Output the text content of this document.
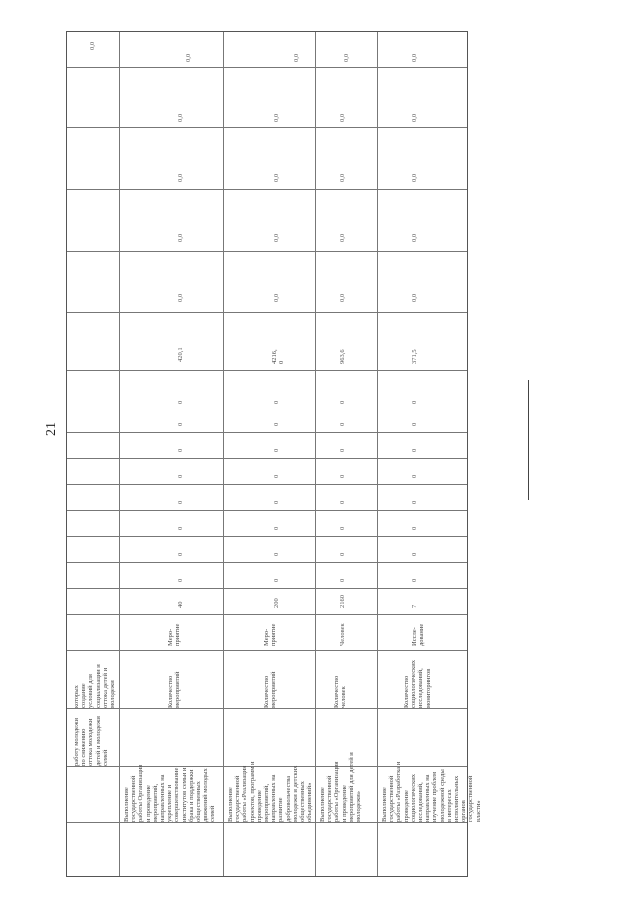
21
работу молодежи
по снижению
оттока молодежи
детей и молодежи
семей
которых
создание
условий для
социализации и
оттока детей и
молодежи
0,0
Выполнение
государственной
работы Организация
и проведение
мероприятий,
направленных на
укрепление и
совершенствование
институтов семьи и
брака и поддержки
общественных
движений молодых
семей
Количество
мероприятий
Меро-
приятие
40
0
0
0
0
0
0
0
0
420,1
0,0
0,0
0,0
0,0
0,0
Выполнение
государственной
работы «Реализация
проектов, программ и
проведение
мероприятий,
направленных на
развитие
добровольчества
молодежи и детских
общественных
объединений»
Количество
мероприятий
Меро-
приятие
200
0
0
0
0
0
0
0
0
4216,
0
0,0
0,0
0,0
0,0
0,0
Выполнение
государственной
работы «Организация
и проведение
мероприятий для детей и
молодежи»
Количество
человек
Человек
2160
0
0
0
0
0
0
0
0
963,6
0,0
0,0
0,0
0,0
0,0
Выполнение
государственной
работы «Разработка и
проведение
социологических
исследований,
направленных на
изучение проблем
молодежной среды
в интересах
исполнительных
органов
государственной
власти»
Количество
социологических
исследований,
мониторингов
Иссле-
дование
7
0
0
0
0
0
0
0
0
371,5
0,0
0,0
0,0
0,0
0,0
